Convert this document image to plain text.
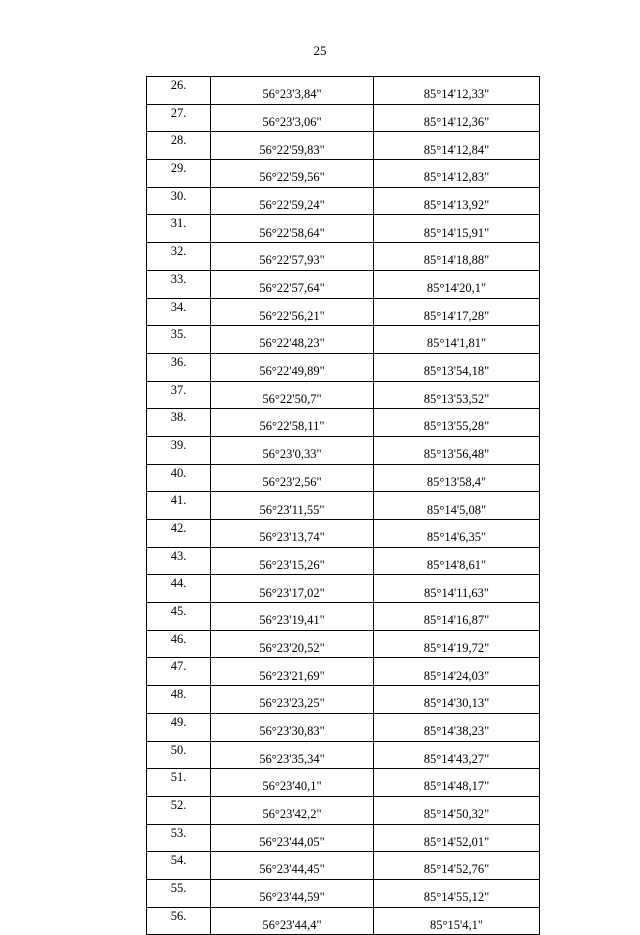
25
26.	56°23'3,84"	85°14'12,33"
27.	56°23'3,06"	85°14'12,36"
28.	56°22'59,83"	85°14'12,84"
29.	56°22'59,56"	85°14'12,83"
30.	56°22'59,24"	85°14'13,92"
31.	56°22'58,64"	85°14'15,91"
32.	56°22'57,93"	85°14'18,88"
33.	56°22'57,64"	85°14'20,1"
34.	56°22'56,21"	85°14'17,28"
35.	56°22'48,23"	85°14'1,81"
36.	56°22'49,89"	85°13'54,18"
37.	56°22'50,7"	85°13'53,52"
38.	56°22'58,11"	85°13'55,28"
39.	56°23'0,33"	85°13'56,48"
40.	56°23'2,56"	85°13'58,4"
41.	56°23'11,55"	85°14'5,08"
42.	56°23'13,74"	85°14'6,35"
43.	56°23'15,26"	85°14'8,61"
44.	56°23'17,02"	85°14'11,63"
45.	56°23'19,41"	85°14'16,87"
46.	56°23'20,52"	85°14'19,72"
47.	56°23'21,69"	85°14'24,03"
48.	56°23'23,25"	85°14'30,13"
49.	56°23'30,83"	85°14'38,23"
50.	56°23'35,34"	85°14'43,27"
51.	56°23'40,1"	85°14'48,17"
52.	56°23'42,2"	85°14'50,32"
53.	56°23'44,05"	85°14'52,01"
54.	56°23'44,45"	85°14'52,76"
55.	56°23'44,59"	85°14'55,12"
56.	56°23'44,4"	85°15'4,1"
